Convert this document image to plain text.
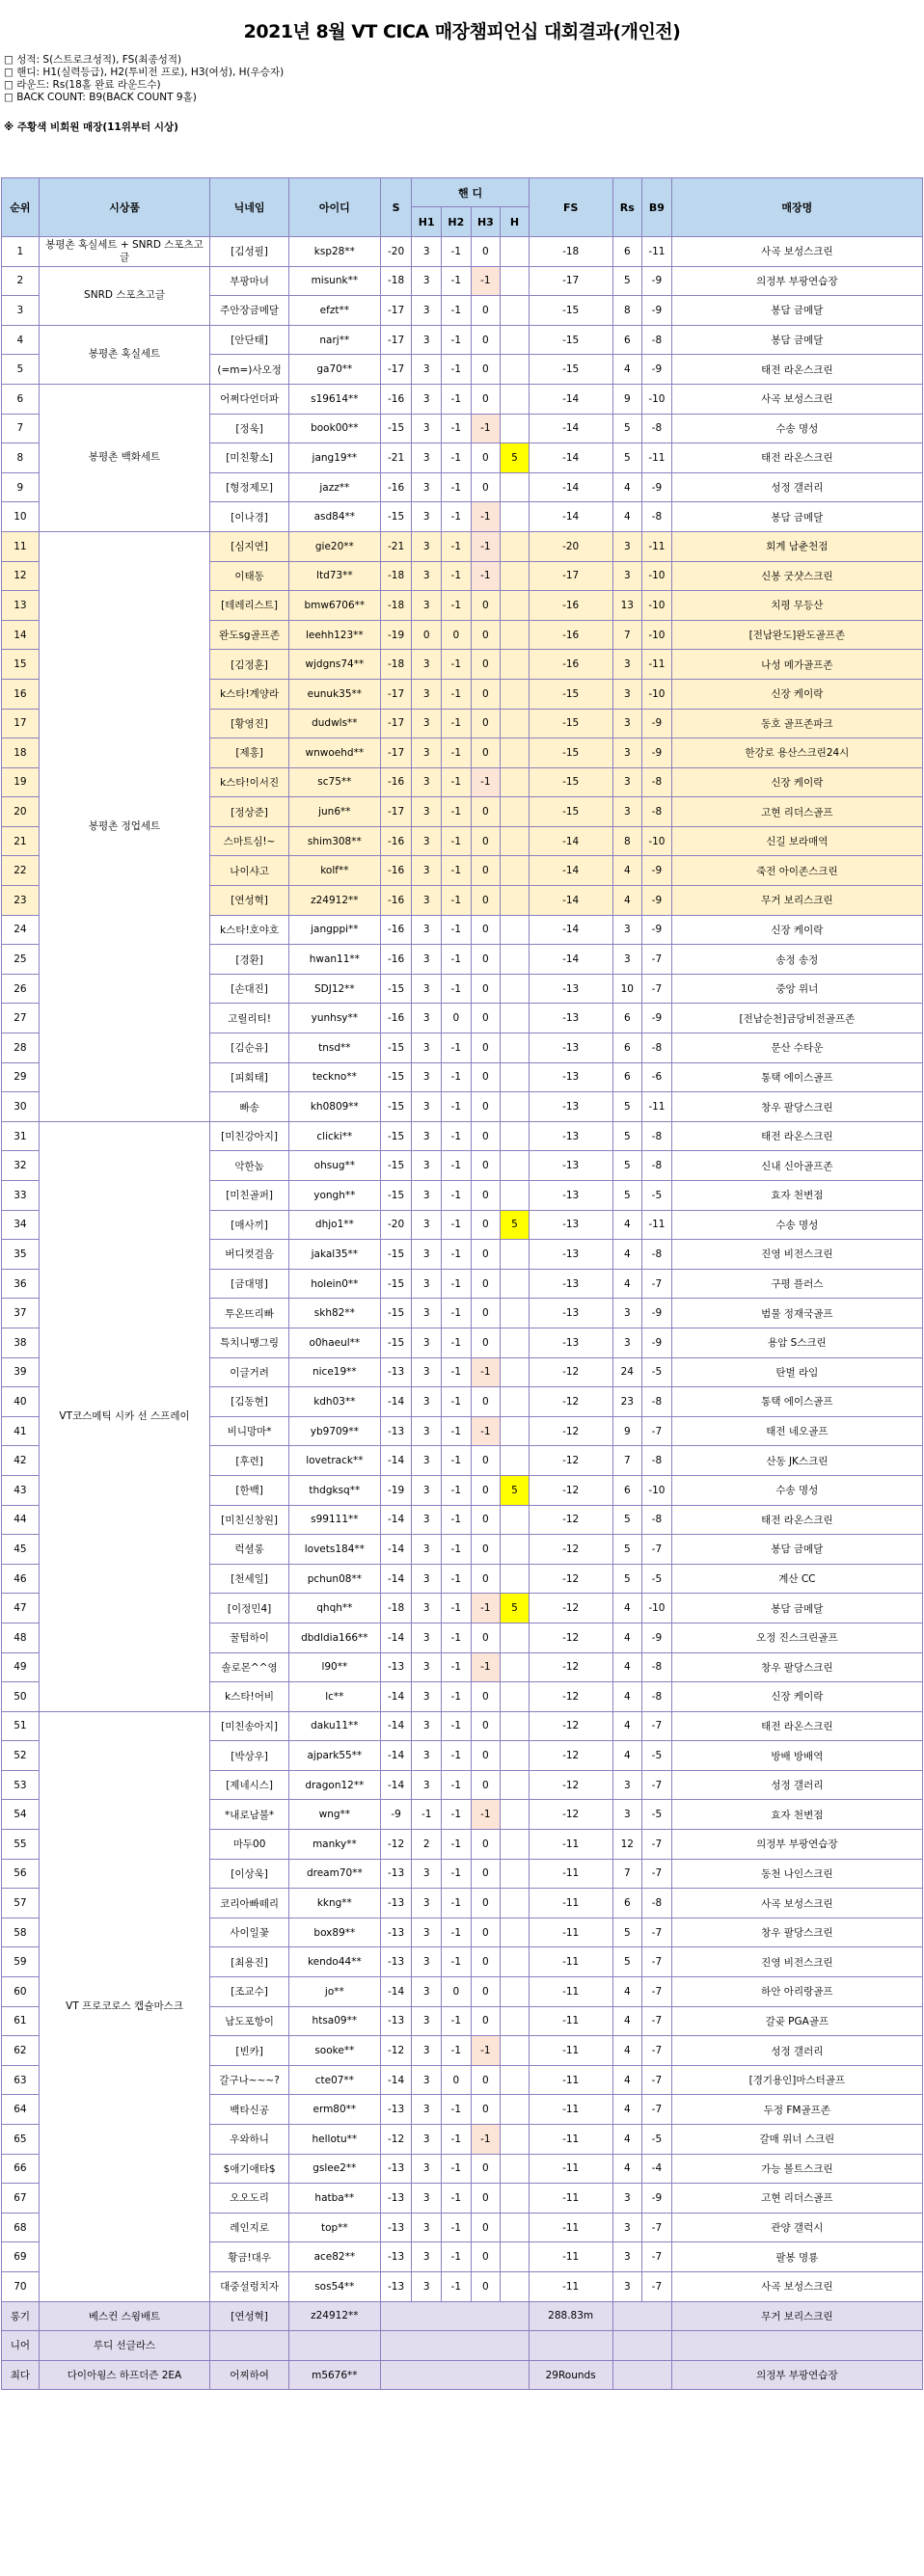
2021년 8월 VT CICA 매장챔피언십 대회결과(개인전)
□ 성적: S(스트로크성적), FS(최종성적)
□ 핸디: H1(실력등급), H2(투비전 프로), H3(여성), H(우승자)
□ 라운드: Rs(18홀 완료 라운드수)
□ BACK COUNT: B9(BACK COUNT 9홀)
※ 주황색 비회원 매장(11위부터 시상)
순위	시상품	닉네임	아이디	S	핸 디				FS	Rs	B9	매장명
					H1	H2	H3	H				
1	봉평촌 혹실세트 + SNRD 스포츠고글	[김성필]	ksp28**	-20	3	-1	0		-18	6	-11	사곡 보성스크린
2	SNRD 스포츠고글	부팡마녀	misunk**	-18	3	-1	-1		-17	5	-9	의정부 부팡연습장
3		주안장금메달	efzt**	-17	3	-1	0		-15	8	-9	봉담 금메달
4	봉평촌 혹실세트	[안단태]	narj**	-17	3	-1	0		-15	6	-8	봉담 금메달
5		(=m=)사오정	ga70**	-17	3	-1	0		-15	4	-9	태전 라온스크린
6	봉평촌 백화세트	어쩌다언더파	s19614**	-16	3	-1	0		-14	9	-10	사곡 보성스크린
7		[정욱]	book00**	-15	3	-1	-1		-14	5	-8	수송 명성
8		[미친황소]	jang19**	-21	3	-1	0	5	-14	5	-11	태전 라온스크린
9		[형정제모]	jazz**	-16	3	-1	0		-14	4	-9	성정 갤러리
10		[이나경]	asd84**	-15	3	-1	-1		-14	4	-8	봉담 금메달
11	봉평촌 정업세트	[심지연]	gie20**	-21	3	-1	-1		-20	3	-11	회계 남춘천점
12		이태동	ltd73**	-18	3	-1	-1		-17	3	-10	신봉 굿샷스크린
13		[테레리스트]	bmw6706**	-18	3	-1	0		-16	13	-10	치평 무등산
14		완도sg골프존	leehh123**	-19	0	0	0		-16	7	-10	[전남완도]완도골프존
15		[김정훈]	wjdgns74**	-18	3	-1	0		-16	3	-11	나성 메가골프존
16		k스타!계양라	eunuk35**	-17	3	-1	0		-15	3	-10	신장 케이락
17		[황영진]	dudwls**	-17	3	-1	0		-15	3	-9	동호 골프존파크
18		[제홍]	wnwoehd**	-17	3	-1	0		-15	3	-9	한강로 용산스크린24시
19		k스타!이서진	sc75**	-16	3	-1	-1		-15	3	-8	신장 케이락
20		[정상준]	jun6**	-17	3	-1	0		-15	3	-8	고현 리더스골프
21		스마트심!~	shim308**	-16	3	-1	0		-14	8	-10	신길 보라매역
22		나이샤고	kolf**	-16	3	-1	0		-14	4	-9	죽전 아이존스크린
23		[연성혁]	z24912**	-16	3	-1	0		-14	4	-9	무거 보리스크린
24		k스타!호야호	jangppi**	-16	3	-1	0		-14	3	-9	신장 케이락
25		[경환]	hwan11**	-16	3	-1	0		-14	3	-7	송정 송정
26		[손대진]	SDJ12**	-15	3	-1	0		-13	10	-7	중앙 위너
27		고릴리티!	yunhsy**	-16	3	0	0		-13	6	-9	[전남순천]금당비전골프존
28		[김순유]	tnsd**	-15	3	-1	0		-13	6	-8	문산 수타운
29		[피회태]	teckno**	-15	3	-1	0		-13	6	-6	통택 에이스골프
30		빠송	kh0809**	-15	3	-1	0		-13	5	-11	창우 팔당스크린
31	VT코스메틱 시카 선 스프레이	[미친강아지]	clicki**	-15	3	-1	0		-13	5	-8	태전 라온스크린
32		악한놈	ohsug**	-15	3	-1	0		-13	5	-8	신내 신아골프존
33		[미친골퍼]	yongh**	-15	3	-1	0		-13	5	-5	효자 천변점
34		[매사끼]	dhjo1**	-20	3	-1	0	5	-13	4	-11	수송 명성
35		버디컷걸음	jakal35**	-15	3	-1	0		-13	4	-8	진영 비전스크린
36		[금대명]	holein0**	-15	3	-1	0		-13	4	-7	구평 플러스
37		투온뜨리빠	skh82**	-15	3	-1	0		-13	3	-9	범물 정재국골프
38		특치니땡그링	o0haeul**	-15	3	-1	0		-13	3	-9	용암 S스크린
39		이글거려	nice19**	-13	3	-1	-1		-12	24	-5	탄벌 라임
40		[김동현]	kdh03**	-14	3	-1	0		-12	23	-8	통택 에이스골프
41		비니망마*	yb9709**	-13	3	-1	-1		-12	9	-7	태전 네오골프
42		[후련]	lovetrack**	-14	3	-1	0		-12	7	-8	산동 JK스크린
43		[한백]	thdgksq**	-19	3	-1	0	5	-12	6	-10	수송 명성
44		[미친신창원]	s99111**	-14	3	-1	0		-12	5	-8	태전 라온스크린
45		럭셜롱	lovets184**	-14	3	-1	0		-12	5	-7	봉담 금메달
46		[천세일]	pchun08**	-14	3	-1	0		-12	5	-5	계산 CC
47		[이정민4]	qhqh**	-18	3	-1	-1	5	-12	4	-10	봉담 금메달
48		꿀텀하이	dbdldia166**	-14	3	-1	0		-12	4	-9	오정 진스크린골프
49		솔로몬^^영	l90**	-13	3	-1	-1		-12	4	-8	창우 팔당스크린
50		k스타!어비	lc**	-14	3	-1	0		-12	4	-8	신장 케이락
51	VT 프로코로스 캡슐마스크	[미친송아지]	daku11**	-14	3	-1	0		-12	4	-7	태전 라온스크린
52		[박상우]	ajpark55**	-14	3	-1	0		-12	4	-5	방배 방배역
53		[제네시스]	dragon12**	-14	3	-1	0		-12	3	-7	성정 갤러리
54		*내로남불*	wng**	-9	-1	-1	-1		-12	3	-5	효자 천변점
55		마두00	manky**	-12	2	-1	0		-11	12	-7	의정부 부팡연습장
56		[이상욱]	dream70**	-13	3	-1	0		-11	7	-7	동천 나인스크린
57		코리아빠떼리	kkng**	-13	3	-1	0		-11	6	-8	사곡 보성스크린
58		사이일꽃	box89**	-13	3	-1	0		-11	5	-7	창우 팔당스크린
59		[최용진]	kendo44**	-13	3	-1	0		-11	5	-7	진영 비전스크린
60		[조교수]	jo**	-14	3	0	0		-11	4	-7	하안 아리랑골프
61		남도포항이	htsa09**	-13	3	-1	0		-11	4	-7	갈곶 PGA골프
62		[빈카]	sooke**	-12	3	-1	-1		-11	4	-7	성정 갤러리
63		갈구나~~~?	cte07**	-14	3	0	0		-11	4	-7	[경기용인]마스터골프
64		백타신공	erm80**	-13	3	-1	0		-11	4	-7	두정 FM골프존
65		우와하니	hellotu**	-12	3	-1	-1		-11	4	-5	갈매 위너 스크린
66		$애기애타$	gslee2**	-13	3	-1	0		-11	4	-4	가능 볼트스크린
67		오오도리	hatba**	-13	3	-1	0		-11	3	-9	고현 리더스골프
68		레인지로	top**	-13	3	-1	0		-11	3	-7	관양 갤럭시
69		황금!대우	ace82**	-13	3	-1	0		-11	3	-7	팔봉 명룡
70		대중설렁치자	sos54**	-13	3	-1	0		-11	3	-7	사곡 보성스크린
롱기	베스컨 스윙배트	[연성혁]	z24912**						288.83m			무거 보리스크린
니어	루디 선글라스											
최다	다이아윙스 하프더즌 2EA	어찌하여	m5676**						29Rounds			의정부 부팡연습장
